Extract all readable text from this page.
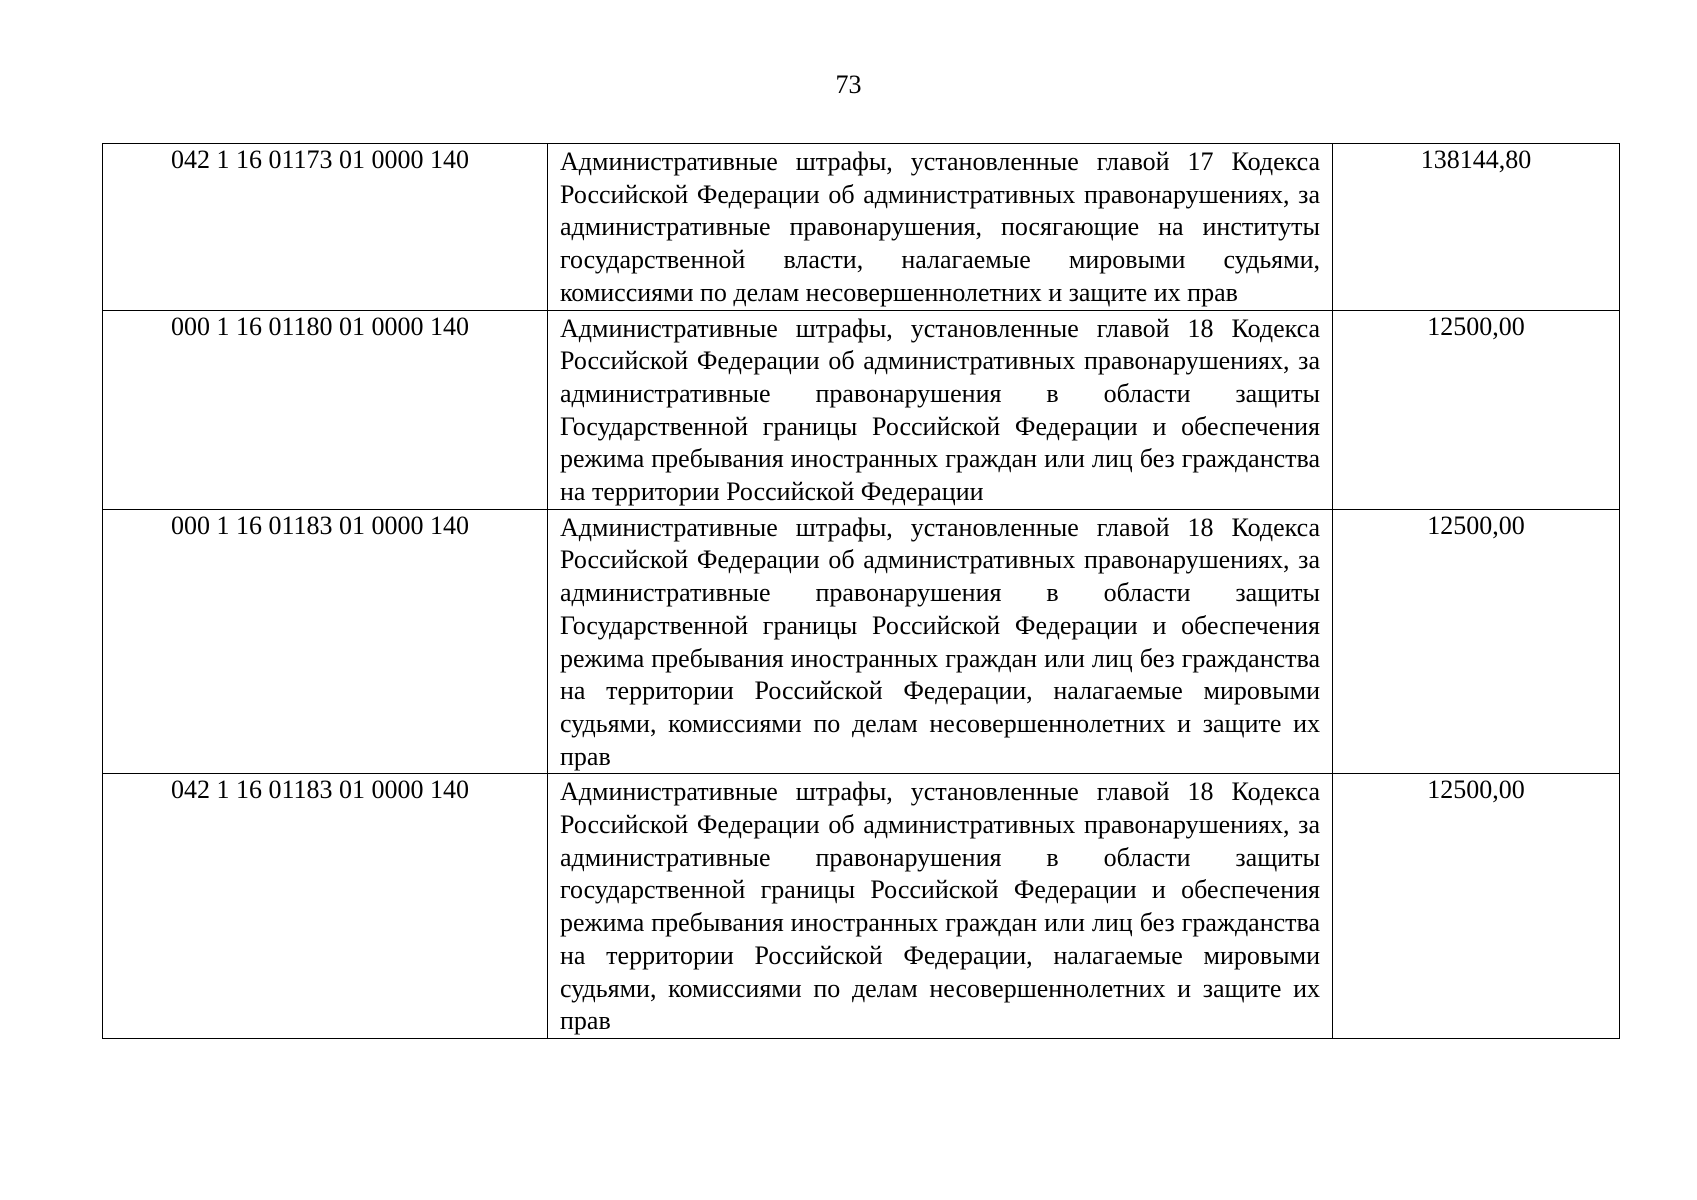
73
042 1 16 01173 01 0000 140	Административные штрафы, установленные главой 17 Кодекса Российской Федерации об административных правонарушениях, за административные правонарушения, посягающие на институты государственной власти, налагаемые мировыми судьями, комиссиями по делам несовершеннолетних и защите их прав	138144,80

000 1 16 01180 01 0000 140	Административные штрафы, установленные главой 18 Кодекса Российской Федерации об административных правонарушениях, за административные правонарушения в области защиты Государственной границы Российской Федерации и обеспечения режима пребывания иностранных граждан или лиц без гражданства на территории Российской Федерации	12500,00

000 1 16 01183 01 0000 140	Административные штрафы, установленные главой 18 Кодекса Российской Федерации об административных правонарушениях, за административные правонарушения в области защиты Государственной границы Российской Федерации и обеспечения режима пребывания иностранных граждан или лиц без гражданства на территории Российской Федерации, налагаемые мировыми судьями, комиссиями по делам несовершеннолетних и защите их прав	12500,00

042 1 16 01183 01 0000 140	Административные штрафы, установленные главой 18 Кодекса Российской Федерации об административных правонарушениях, за административные правонарушения в области защиты государственной границы Российской Федерации и обеспечения режима пребывания иностранных граждан или лиц без гражданства на территории Российской Федерации, налагаемые мировыми судьями, комиссиями по делам несовершеннолетних и защите их прав	12500,00
